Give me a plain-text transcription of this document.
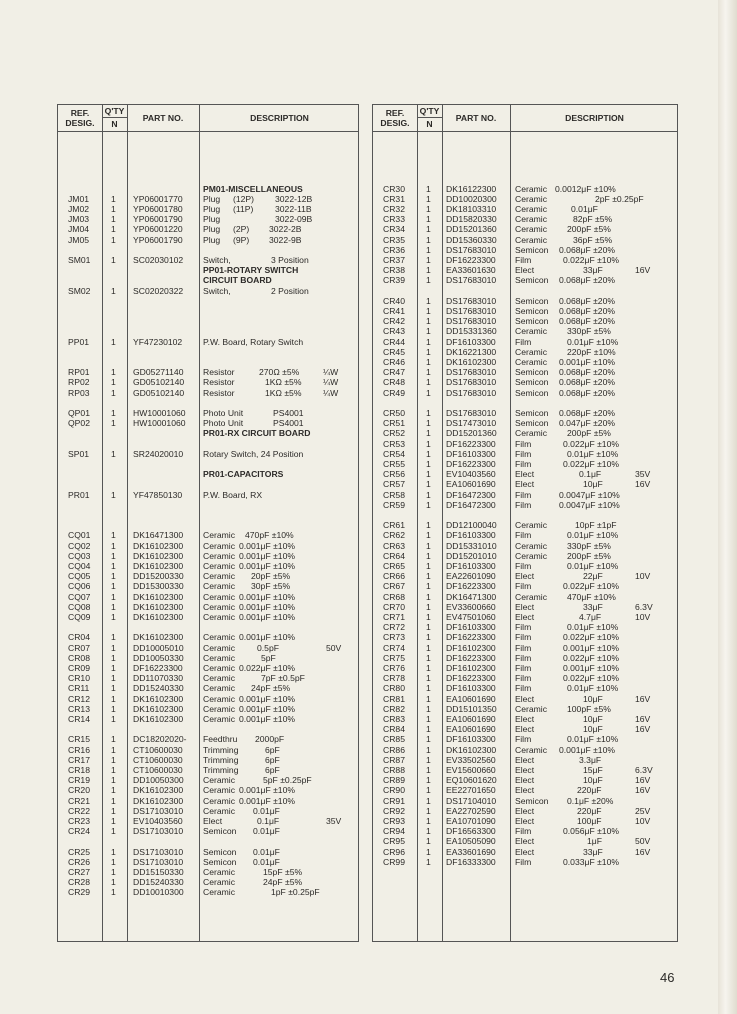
REF.
DESIG.
Q'TY
N
PART NO.	DESCRIPTION
JM01	1 YP06001770 Plug (12P) 3022-12B
JM02	1 YP06001780 Plug (11P)	3022-11B
JM03	1 YP06001790 Plug	3022-09B
JM04	1 YP06001220 Plug (2P) 3022-2B
JM05	1 YP06001790 Plug (9P) 3022-9B
SM01 1 SC02030102 Switch,	3 Position
SM02 1 SC02020322 Switch,	2 Position
PP01	1 YF47230102 P.W. Board, Rotary Switch
RP01	1 GD05271140 Resistor	270Ω ±5%	¼W
RP02	1 GD05102140 Resistor	1KΩ ±5%	¼W
RP03	1 GD05102140 Resistor	1KΩ ±5%	¼W
QP01 1 HW10001060 Photo Unit	PS4001
QP02 1 HW10001060 Photo Unit	PS4001
SP01	1 SR24020010 Rotary Switch, 24 Position
PR01	1 YF47850130 P.W. Board, RX
CQ01 1 DK16471300 Ceramic 470pF ±10%
CQ02 1 DK16102300 Ceramic 0.001μF ±10%
CQ03 1 DK16102300 Ceramic 0.001μF ±10%
CQ04 1 DK16102300 Ceramic 0.001μF ±10%
CQ05 1 DD15200330 Ceramic 20pF ±5%
CQ06 1 DD15300330 Ceramic 30pF ±5%
CQ07 1 DK16102300 Ceramic 0.001μF ±10%
CQ08 1 DK16102300 Ceramic 0.001μF ±10%
CQ09 1 DK16102300 Ceramic 0.001μF ±10%
CR04 1 DK16102300 Ceramic 0.001μF ±10%
CR07 1 DD10005010 Ceramic	0.5pF	50V
CR08 1 DD10050330 Ceramic	5pF
CR09 1 DF16223300 Ceramic 0.022μF ±10%
CR10 1 DD11070330 Ceramic	7pF ±0.5pF
CR11	1 DD15240330 Ceramic 24pF ±5%
CR12 1 DK16102300 Ceramic 0.001μF ±10%
CR13 1 DK16102300 Ceramic 0.001μF ±10%
CR14 1 DK16102300 Ceramic 0.001μF ±10%
CR15 1 DC18202020- Feedthru 2000pF
CR16 1 CT10600030 Trimming	6pF
CR17 1 CT10600030 Trimming	6pF
CR18 1 CT10600030 Trimming	6pF
CR19 1 DD10050300 Ceramic	5pF ±0.25pF
CR20 1 DK16102300 Ceramic 0.001μF ±10%
CR21 1 DK16102300 Ceramic 0.001μF ±10%
CR22 1 DS17103010 Ceramic 0.01μF
CR23 1 EV10403560 Elect	0.1μF	35V
CR24 1 DS17103010 Semicon 0.01μF
CR25 1 DS17103010 Semicon 0.01μF
CR26 1 DS17103010 Semicon 0.01μF
CR27 1 DD15150330 Ceramic	15pF ±5%
CR28 1 DD15240330 Ceramic	24pF ±5%
CR29 1 DD10010300 Ceramic	1pF ±0.25pF
PM01-MISCELLANEOUS
PP01-ROTARY SWITCH
CIRCUIT BOARD
PR01-RX CIRCUIT BOARD
PR01-CAPACITORS
REF.
DESIG.
Q'TY
N
PART NO.	DESCRIPTION
CR30 1 DK16122300 Ceramic 0.0012μF ±10%
CR31 1 DD10020300 Ceramic	2pF ±0.25pF
CR32 1 DK18103310 Ceramic	0.01μF
CR33 1 DD15820330 Ceramic	82pF ±5%
CR34 1 DD15201360 Ceramic 200pF ±5%
CR35 1 DD15360330 Ceramic	36pF ±5%
CR36 1 DS17683010 Semicon 0.068μF ±20%
CR37 1 DF16223300 Film	0.022μF ±10%
CR38 1 EA33601630 Elect	33μF	16V
CR39 1 DS17683010 Semicon 0.068μF ±20%
CR40 1 DS17683010 Semicon 0.068μF ±20%
CR41 1 DS17683010 Semicon 0.068μF ±20%
CR42 1 DS17683010 Semicon 0.068μF ±20%
CR43 1 DD15331360 Ceramic 330pF ±5%
CR44 1 DF16103300 Film	0.01μF ±10%
CR45 1 DK16221300 Ceramic 220pF ±10%
CR46 1 DK16102300 Ceramic 0.001μF ±10%
CR47 1 DS17683010 Semicon 0.068μF ±20%
CR48 1 DS17683010 Semicon 0.068μF ±20%
CR49 1 DS17683010 Semicon 0.068μF ±20%
CR50 1 DS17683010 Semicon 0.068μF ±20%
CR51 1 DS17473010 Semicon 0.047μF ±20%
CR52 1 DD15201360 Ceramic 200pF ±5%
CR53 1 DF16223300 Film	0.022μF ±10%
CR54 1 DF16103300 Film	0.01μF ±10%
CR55 1 DF16223300 Film	0.022μF ±10%
CR56 1 EV10403560 Elect	0.1μF	35V
CR57 1 EA10601690 Elect	10μF	16V
CR58 1 DF16472300 Film	0.0047μF ±10%
CR59 1 DF16472300 Film	0.0047μF ±10%
CR61 1 DD12100040 Ceramic	10pF ±1pF
CR62 1 DF16103300 Film	0.01μF ±10%
CR63 1 DD15331010 Ceramic 330pF ±5%
CR64 1 DD15201010 Ceramic 200pF ±5%
CR65 1 DF16103300 Film	0.01μF ±10%
CR66 1 EA22601090 Elect	22μF	10V
CR67 1 DF16223300 Film	0.022μF ±10%
CR68 1 DK16471300 Ceramic 470μF ±10%
CR70 1 EV33600660 Elect	33μF	6.3V
CR71 1 EV47501060 Elect	4.7μF	10V
CR72 1 DF16103300 Film	0.01μF ±10%
CR73 1 DF16223300 Film	0.022μF ±10%
CR74 1 DF16102300 Film	0.001μF ±10%
CR75 1 DF16223300 Film	0.022μF ±10%
CR76 1 DF16102300 Film	0.001μF ±10%
CR78 1 DF16223300 Film	0.022μF ±10%
CR80 1 DF16103300 Film	0.01μF ±10%
CR81 1 EA10601690 Elect	10μF	16V
CR82 1 DD15101350 Ceramic 100pF ±5%
CR83 1 EA10601690 Elect	10μF	16V
CR84 1 EA10601690 Elect	10μF	16V
CR85 1 DF16103300 Film	0.01μF ±10%
CR86 1 DK16102300 Ceramic 0.001μF ±10%
CR87 1 EV33502560 Elect	3.3μF
CR88 1 EV15600660 Elect	15μF	6.3V
CR89 1 EQ10601620 Elect	10μF	16V
CR90 1 EE22701650 Elect	220μF	16V
CR91 1 DS17104010 Semicon 0.1μF ±20%
CR92 1 EA22702590 Elect	220μF	25V
CR93 1 EA10701090 Elect	100μF	10V
CR94 1 DF16563300 Film	0.056μF ±10%
CR95 1 EA10505090 Elect	1μF	50V
CR96 1 EA33601690 Elect	33μF	16V
CR99 1 DF16333300 Film	0.033μF ±10%
46
